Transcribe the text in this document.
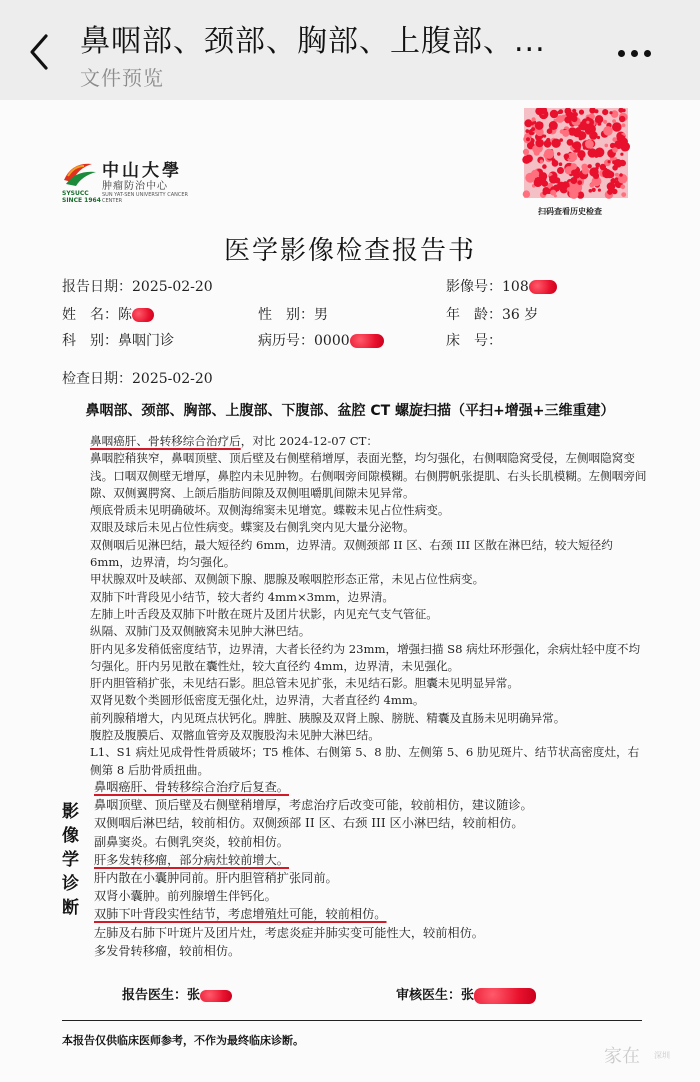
鼻咽部、颈部、胸部、上腹部、...
文件预览
中山大學
肿瘤防治中心
SYSUCC
SINCE 1964
SUN YAT-SEN UNIVERSITY CANCER CENTER
扫码查看历史检查
医学影像检查报告书
报告日期：2025-02-20	影像号：108
姓　名：陈	性　别：男	年　龄：36 岁
科　别：鼻咽门诊	病历号：0000	床　号：
检查日期：2025-02-20
鼻咽部、颈部、胸部、上腹部、下腹部、盆腔 CT 螺旋扫描（平扫+增强+三维重建）

鼻咽癌肝、骨转移综合治疗后，对比 2024-12-07 CT：

鼻咽腔稍狭窄，鼻咽顶壁、顶后壁及右侧壁稍增厚，表面光整，均匀强化，右侧咽隐窝受侵，左侧咽隐窝变浅。口咽双侧壁无增厚，鼻腔内未见肿物。右侧咽旁间隙模糊。右侧腭帆张提肌、右头长肌模糊。左侧咽旁间隙、双侧翼腭窝、上颌后脂肪间隙及双侧咀嚼肌间隙未见异常。

颅底骨质未见明确破坏。双侧海绵窦未见增宽。蝶鞍未见占位性病变。

双眼及球后未见占位性病变。蝶窦及右侧乳突内见大量分泌物。

双侧咽后见淋巴结，最大短径约 6mm，边界清。双侧颈部 II 区、右颈 III 区散在淋巴结，较大短径约 6mm，边界清，均匀强化。

甲状腺双叶及峡部、双侧颌下腺、腮腺及喉咽腔形态正常，未见占位性病变。

双肺下叶背段见小结节，较大者约 4mm×3mm，边界清。

左肺上叶舌段及双肺下叶散在斑片及团片状影，内见充气支气管征。

纵隔、双肺门及双侧腋窝未见肿大淋巴结。

肝内见多发稍低密度结节，边界清，大者长径约为 23mm，增强扫描 S8 病灶环形强化，余病灶轻中度不均匀强化。肝内另见散在囊性灶，较大直径约 4mm，边界清，未见强化。

肝内胆管稍扩张，未见结石影。胆总管未见扩张，未见结石影。胆囊未见明显异常。

双肾见数个类圆形低密度无强化灶，边界清，大者直径约 4mm。

前列腺稍增大，内见斑点状钙化。脾脏、胰腺及双肾上腺、膀胱、精囊及直肠未见明确异常。

腹腔及腹膜后、双髂血管旁及双腹股沟未见肿大淋巴结。

L1、S1 病灶见成骨性骨质破坏；T5 椎体、右侧第 5、8 肋、左侧第 5、6 肋见斑片、结节状高密度灶，右侧第 8 后肋骨质扭曲。

影
像
学
诊
断

鼻咽癌肝、骨转移综合治疗后复查。

鼻咽顶壁、顶后壁及右侧壁稍增厚，考虑治疗后改变可能，较前相仿，建议随诊。

双侧咽后淋巴结，较前相仿。双侧颈部 II 区、右颈 III 区小淋巴结，较前相仿。

副鼻窦炎。右侧乳突炎，较前相仿。

肝多发转移瘤，部分病灶较前增大。

肝内散在小囊肿同前。肝内胆管稍扩张同前。

双肾小囊肿。前列腺增生伴钙化。

双肺下叶背段实性结节，考虑增殖灶可能，较前相仿。

左肺及右肺下叶斑片及团片灶，考虑炎症并肺实变可能性大，较前相仿。

多发骨转移瘤，较前相仿。

报告医生：张	审核医生：张
本报告仅供临床医师参考，不作为最终临床诊断。
家在 深圳
